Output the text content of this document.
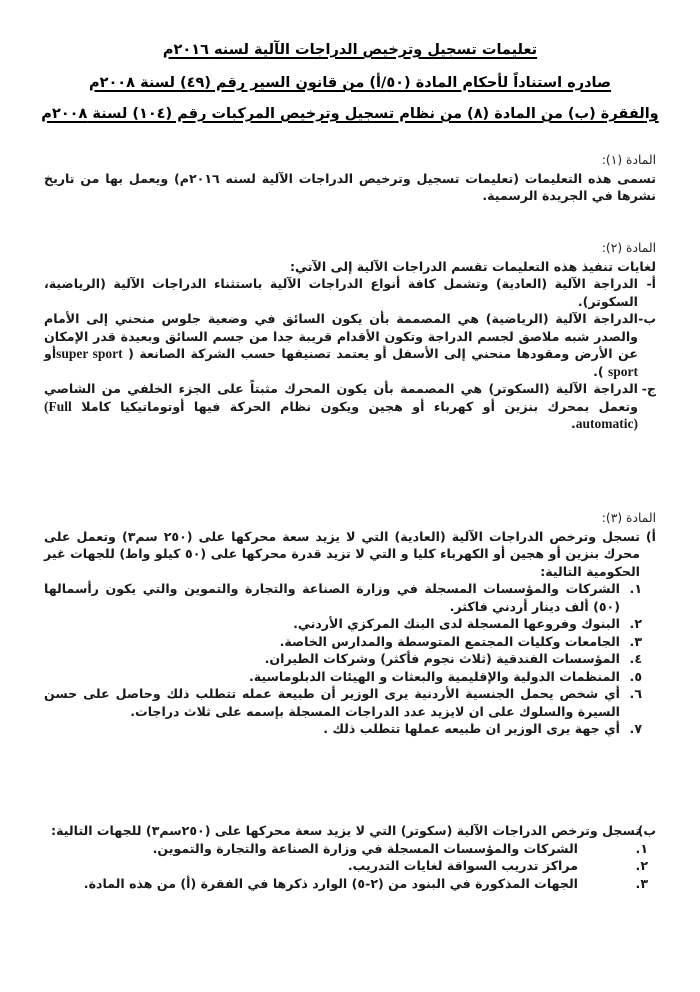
تعليمات تسجيل وترخيص الدراجات الآلية لسنه ٢٠١٦م
صادره استناداً لأحكام المادة (٥٠/أ) من قانون السير رقم (٤٩) لسنة ٢٠٠٨م
والفقرة (ب) من المادة (٨) من نظام تسجيل وترخيص المركبات رقم (١٠٤) لسنة ٢٠٠٨م
المادة (١):
تسمى هذه التعليمات (تعليمات تسجيل وترخيص الدراجات الآلية لسنه ٢٠١٦م) ويعمل بها من تاريخ نشرها في الجريدة الرسمية.
المادة (٢):
لغايات تنفيذ هذه التعليمات تقسم الدراجات الآلية إلى الآتي:
أ-
الدراجة الآلية (العادية) وتشمل كافة أنواع الدراجات الآلية باستثناء الدراجات الآلية (الرياضية، السكوتر).
ب-
الدراجة الآلية (الرياضية) هي المصممة بأن يكون السائق في وضعية جلوس منحني إلى الأمام والصدر شبه ملاصق لجسم الدراجة وتكون الأقدام قريبة جدا من جسم السائق وبعيدة قدر الإمكان عن الأرض ومقودها منحني إلى الأسفل أو يعتمد تصنيفها حسب الشركة الصانعة ( super sportأو sport ).
ج-
الدراجة الآلية (السكوتر) هي المصممة بأن يكون المحرك مثبتاً على الجزء الخلفي من الشاصي وتعمل بمحرك بنزين أو كهرباء أو هجين ويكون نظام الحركة فيها أوتوماتيكيا كاملا (Full automatic).
المادة (٣):
أ)
تسجل وترخص الدراجات الآلية (العادية) التي لا يزيد سعة محركها على (٢٥٠ سم٣) وتعمل على محرك بنزين أو هجين أو الكهرباء كليا و التي لا تزيد قدرة محركها على (٥٠ كيلو واط) للجهات غير الحكومية التالية:
١.
الشركات والمؤسسات المسجلة في وزارة الصناعة والتجارة والتموين والتي يكون رأسمالها (٥٠) ألف دينار أردني فاكثر.
٢.
البنوك وفروعها المسجلة لدى البنك المركزي الأردني.
٣.
الجامعات وكليات المجتمع المتوسطة والمدارس الخاصة.
٤.
المؤسسات الفندقية (ثلاث نجوم فأكثر) وشركات الطيران.
٥.
المنظمات الدولية والإقليمية والبعثات و الهيئات الدبلوماسية.
٦.
أي شخص يحمل الجنسية الأردنية يرى الوزير أن طبيعة عمله تتطلب ذلك وحاصل على حسن السيرة والسلوك على ان لايزيد عدد الدراجات المسجلة بإسمه على ثلاث دراجات.
٧.
أي جهة يرى الوزير ان طبيعه عملها تتطلب ذلك .
ب)
تسجل وترخص الدراجات الآلية (سكوتر) التي لا يزيد سعة محركها على (٢٥٠سم٣) للجهات التالية:
١.
الشركات والمؤسسات المسجلة في وزارة الصناعة والتجارة والتموين.
٢.
مراكز تدريب السواقة لغايات التدريب.
٣.
الجهات المذكورة في البنود من (٢-٥) الوارد ذكرها في الفقرة (أ) من هذه المادة.
